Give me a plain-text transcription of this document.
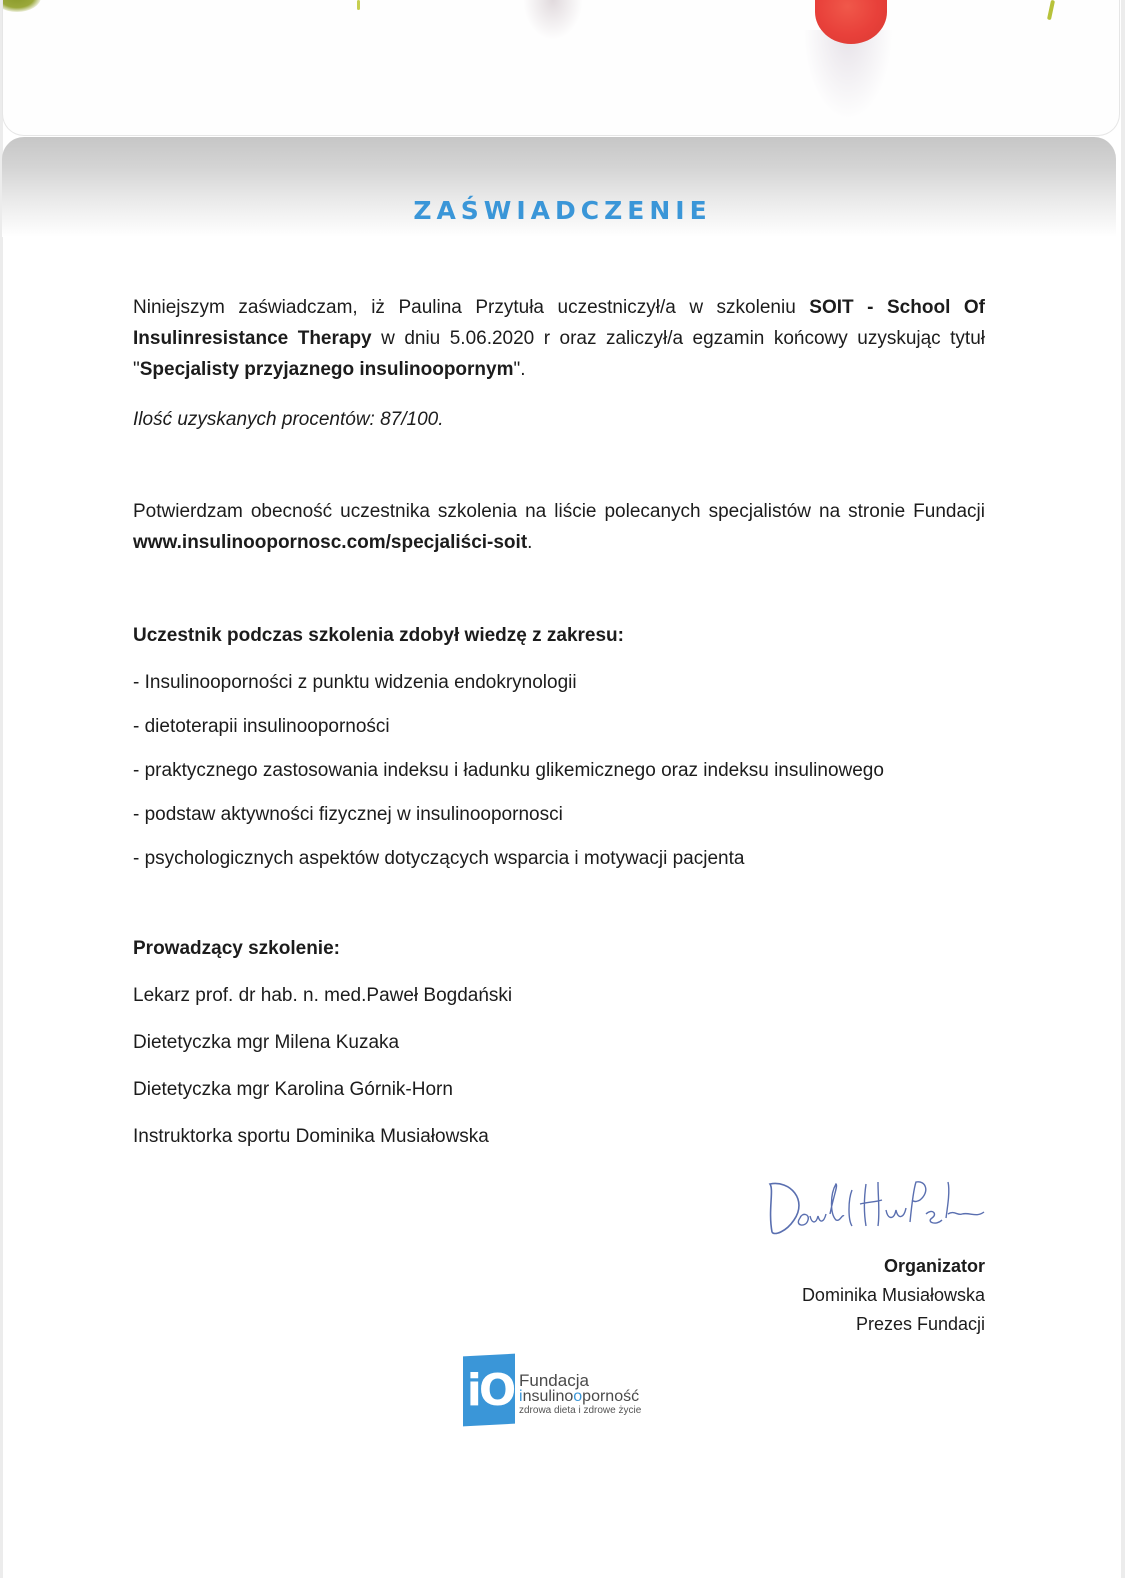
ZAŚWIADCZENIE
Niniejszym zaświadczam, iż Paulina Przytuła uczestniczył/a w szkoleniu SOIT - School Of Insulinresistance Therapy w dniu 5.06.2020 r oraz zaliczył/a egzamin końcowy uzyskując tytuł "Specjalisty przyjaznego insulinoopornym".
Ilość uzyskanych procentów: 87/100.
Potwierdzam obecność uczestnika szkolenia na liście polecanych specjalistów na stronie Fundacji www.insulinoopornosc.com/specjaliści-soit.
Uczestnik podczas szkolenia zdobył wiedzę z zakresu:
- Insulinooporności z punktu widzenia endokrynologii
- dietoterapii insulinooporności
- praktycznego zastosowania indeksu i ładunku glikemicznego oraz indeksu insulinowego
- podstaw aktywności fizycznej w insulinoopornosci
- psychologicznych aspektów dotyczących wsparcia i motywacji pacjenta
Prowadzący szkolenie:
Lekarz prof. dr hab. n. med.Paweł Bogdański
Dietetyczka mgr Milena Kuzaka
Dietetyczka mgr Karolina Górnik-Horn
Instruktorka sportu Dominika Musiałowska
Organizator
Dominika Musiałowska
Prezes Fundacji
iO Fundacja
insulinooporność
zdrowa dieta i zdrowe życie
